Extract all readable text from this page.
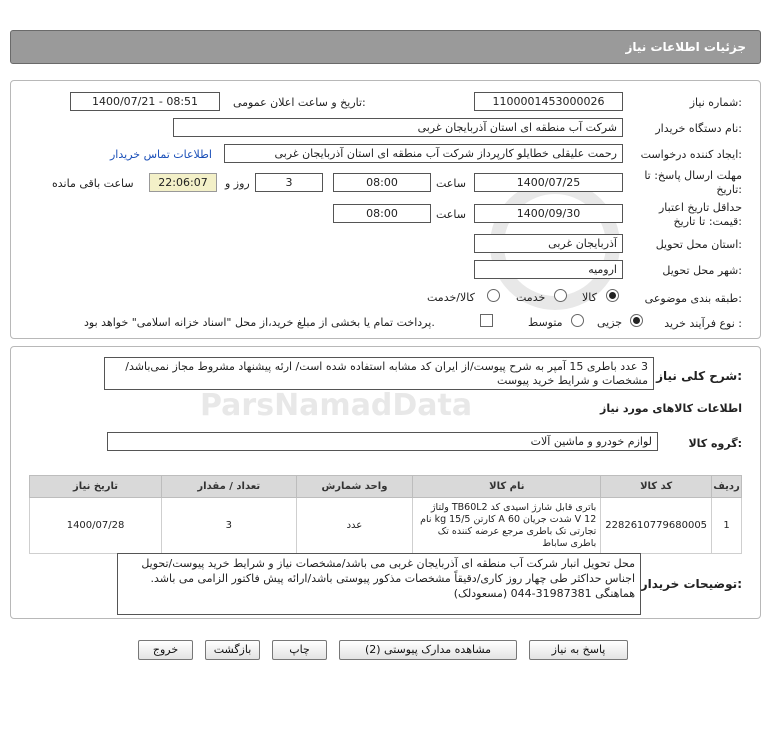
جزئیات اطلاعات نیاز
شماره نیاز:
1100001453000026
تاریخ و ساعت اعلان عمومی:
1400/07/21 - 08:51
نام دستگاه خریدار:
شرکت آب منطقه ای استان آذربایجان غربی
ایجاد کننده درخواست:
رحمت علیقلی خطایلو کارپرداز شرکت آب منطقه ای استان آذربایجان غربی
اطلاعات تماس خریدار
مهلت ارسال پاسخ: تا تاریخ:
1400/07/25
ساعت
08:00
3
روز و
22:06:07
ساعت باقی مانده
حداقل تاریخ اعتبار قیمت: تا تاریخ:
1400/09/30
ساعت
08:00
استان محل تحویل:
آذربایجان غربی
شهر محل تحویل:
ارومیه
طبقه بندی موضوعی:
کالا
خدمت
کالا/خدمت
نوع فرآیند خرید :
جزیی
متوسط
پرداخت تمام یا بخشی از مبلغ خرید،از محل "اسناد خزانه اسلامی" خواهد بود.
شرح کلی نیاز:
3 عدد باطری 15 آمپر به شرح پیوست/از ایران کد مشابه استفاده شده است/ ارئه پیشنهاد مشروط مجاز نمی‌باشد/مشخصات و شرایط خرید پیوست
اطلاعات کالاهای مورد نیاز
ParsNamadData
گروه کالا:
لوازم خودرو و ماشین آلات
ردیف	کد کالا	نام کالا	واحد شمارش	تعداد / مقدار	تاریخ نیاز
1	2282610779680005	باتری قابل شارژ اسیدی کد TB60L2 ولتاژ 12 V شدت جریان 60 A کارتن 15/5 kg نام تجارتی تک باطری مرجع عرضه کننده تک باطری ساباط	عدد	3	1400/07/28
توضیحات خریدار:
محل تحویل انبار شرکت آب منطقه ای آذربایجان غربی می باشد/مشخصات نیاز و شرایط خرید پیوست/تحویل اجناس حداکثر طی چهار روز کاری/دقیقاً مشخصات مذکور پیوستی باشد/ارائه پیش فاکتور الزامی می باشد. هماهنگی 31987381-044 (مسعودلک)
پاسخ به نیاز
مشاهده مدارک پیوستی (2)
چاپ
بازگشت
خروج
